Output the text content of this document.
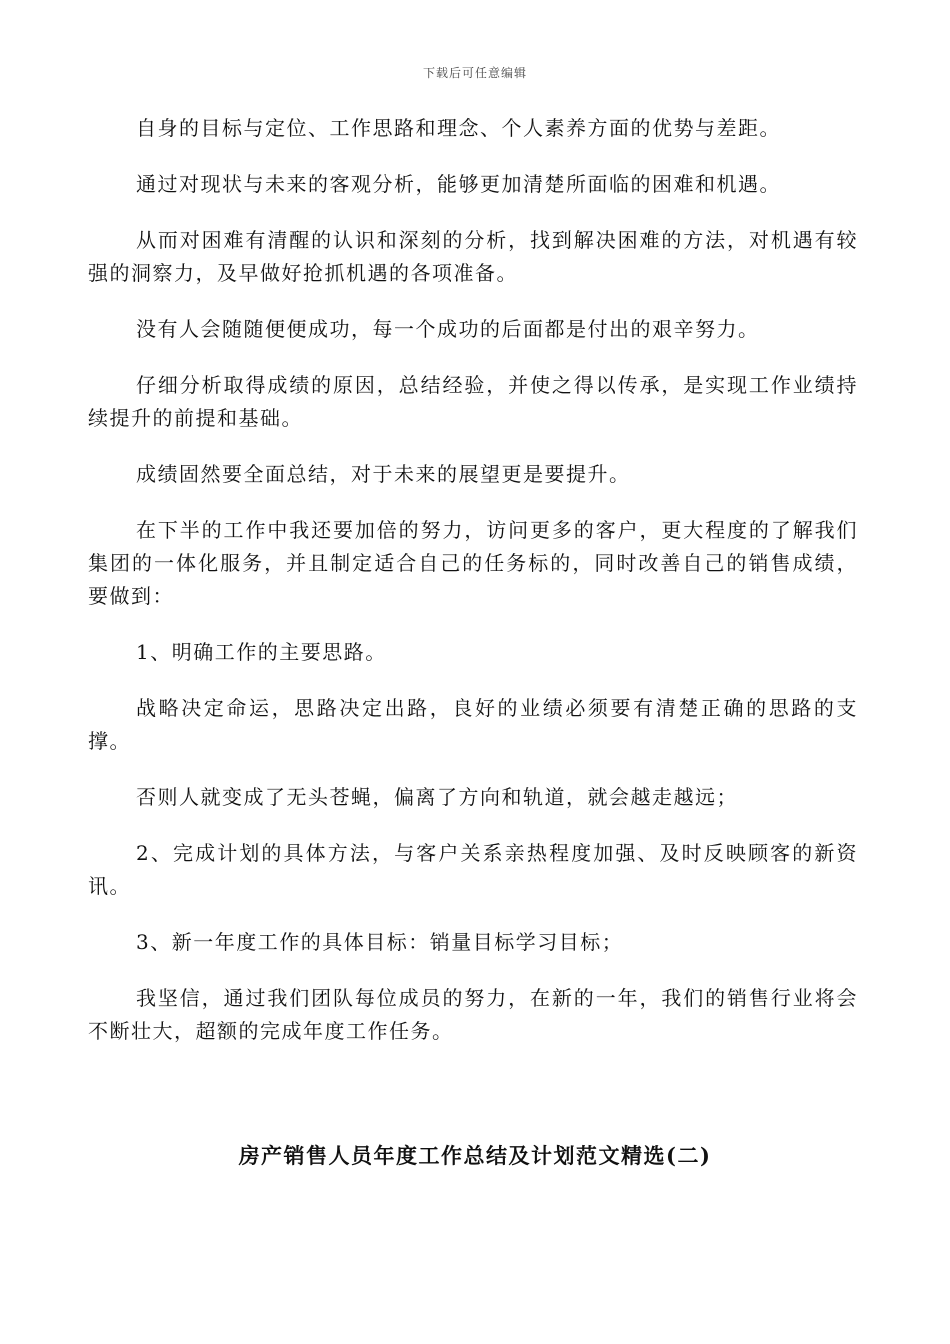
下载后可任意编辑

自身的目标与定位、工作思路和理念、个人素养方面的优势与差距。

通过对现状与未来的客观分析，能够更加清楚所面临的困难和机遇。

从而对困难有清醒的认识和深刻的分析，找到解决困难的方法，对机遇有较强的洞察力，及早做好抢抓机遇的各项准备。

没有人会随随便便成功，每一个成功的后面都是付出的艰辛努力。

仔细分析取得成绩的原因，总结经验，并使之得以传承，是实现工作业绩持续提升的前提和基础。

成绩固然要全面总结，对于未来的展望更是要提升。

在下半的工作中我还要加倍的努力，访问更多的客户，更大程度的了解我们集团的一体化服务，并且制定适合自己的任务标的，同时改善自己的销售成绩，要做到：

1、明确工作的主要思路。

战略决定命运，思路决定出路，良好的业绩必须要有清楚正确的思路的支撑。

否则人就变成了无头苍蝇，偏离了方向和轨道，就会越走越远；

2、完成计划的具体方法，与客户关系亲热程度加强、及时反映顾客的新资讯。

3、新一年度工作的具体目标：销量目标学习目标；

我坚信，通过我们团队每位成员的努力，在新的一年，我们的销售行业将会不断壮大，超额的完成年度工作任务。

房产销售人员年度工作总结及计划范文精选(二)
